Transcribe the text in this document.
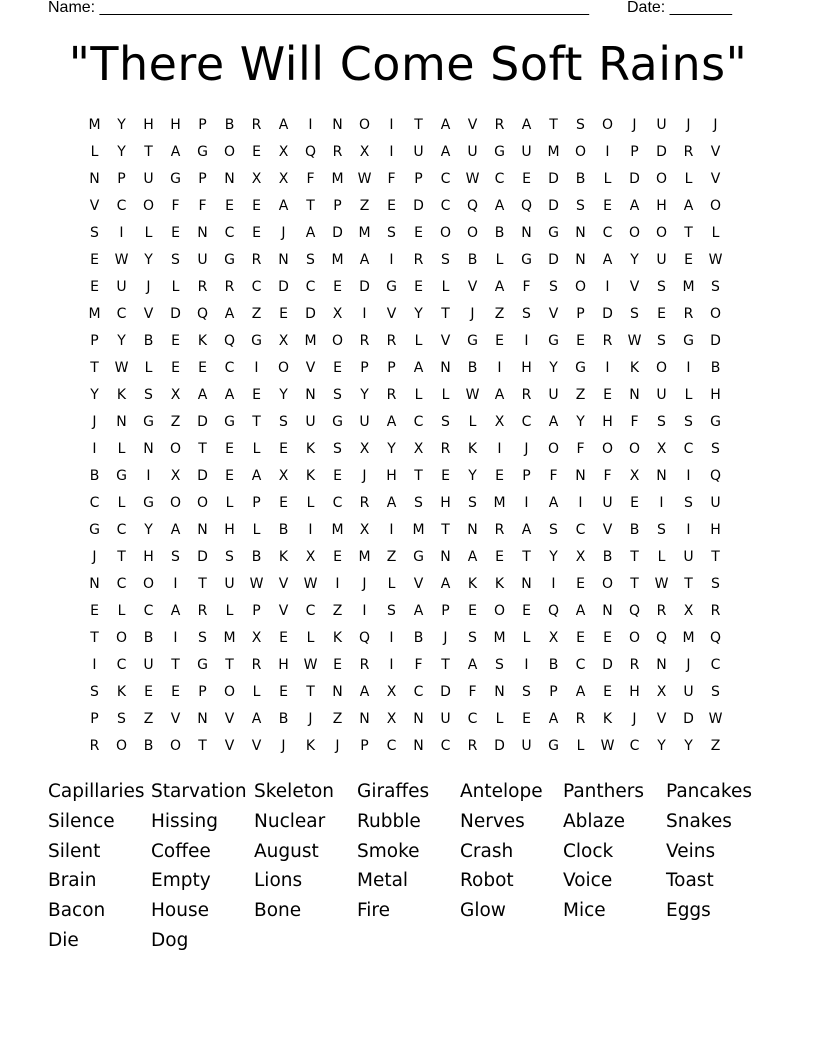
Name: _______________________________________________________ Date: _______
"There Will Come Soft Rains"
M	Y	H	H	P	B	R	A	I	N	O	I	T	A	V	R	A	T	S	O	J	U	J	J
L	Y	T	A	G	O	E	X	Q	R	X	I	U	A	U	G	U	M	O	I	P	D	R	V
N	P	U	G	P	N	X	X	F	M	W	F	P	C	W	C	E	D	B	L	D	O	L	V
V	C	O	F	F	E	E	A	T	P	Z	E	D	C	Q	A	Q	D	S	E	A	H	A	O
S	I	L	E	N	C	E	J	A	D	M	S	E	O	O	B	N	G	N	C	O	O	T	L
E	W	Y	S	U	G	R	N	S	M	A	I	R	S	B	L	G	D	N	A	Y	U	E	W
E	U	J	L	R	R	C	D	C	E	D	G	E	L	V	A	F	S	O	I	V	S	M	S
M	C	V	D	Q	A	Z	E	D	X	I	V	Y	T	J	Z	S	V	P	D	S	E	R	O
P	Y	B	E	K	Q	G	X	M	O	R	R	L	V	G	E	I	G	E	R	W	S	G	D
T	W	L	E	E	C	I	O	V	E	P	P	A	N	B	I	H	Y	G	I	K	O	I	B
Y	K	S	X	A	A	E	Y	N	S	Y	R	L	L	W	A	R	U	Z	E	N	U	L	H
J	N	G	Z	D	G	T	S	U	G	U	A	C	S	L	X	C	A	Y	H	F	S	S	G
I	L	N	O	T	E	L	E	K	S	X	Y	X	R	K	I	J	O	F	O	O	X	C	S
B	G	I	X	D	E	A	X	K	E	J	H	T	E	Y	E	P	F	N	F	X	N	I	Q
C	L	G	O	O	L	P	E	L	C	R	A	S	H	S	M	I	A	I	U	E	I	S	U
G	C	Y	A	N	H	L	B	I	M	X	I	M	T	N	R	A	S	C	V	B	S	I	H
J	T	H	S	D	S	B	K	X	E	M	Z	G	N	A	E	T	Y	X	B	T	L	U	T
N	C	O	I	T	U	W	V	W	I	J	L	V	A	K	K	N	I	E	O	T	W	T	S
E	L	C	A	R	L	P	V	C	Z	I	S	A	P	E	O	E	Q	A	N	Q	R	X	R
T	O	B	I	S	M	X	E	L	K	Q	I	B	J	S	M	L	X	E	E	O	Q	M	Q
I	C	U	T	G	T	R	H	W	E	R	I	F	T	A	S	I	B	C	D	R	N	J	C
S	K	E	E	P	O	L	E	T	N	A	X	C	D	F	N	S	P	A	E	H	X	U	S
P	S	Z	V	N	V	A	B	J	Z	N	X	N	U	C	L	E	A	R	K	J	V	D	W
R	O	B	O	T	V	V	J	K	J	P	C	N	C	R	D	U	G	L	W	C	Y	Y	Z
Capillaries Starvation Skeleton	Giraffes	Antelope	Panthers	Pancakes
Silence	Hissing	Nuclear	Rubble	Nerves	Ablaze	Snakes
Silent	Coffee	August	Smoke	Crash	Clock	Veins
Brain	Empty	Lions	Metal	Robot	Voice	Toast
Bacon	House	Bone	Fire	Glow	Mice	Eggs
Die	Dog
